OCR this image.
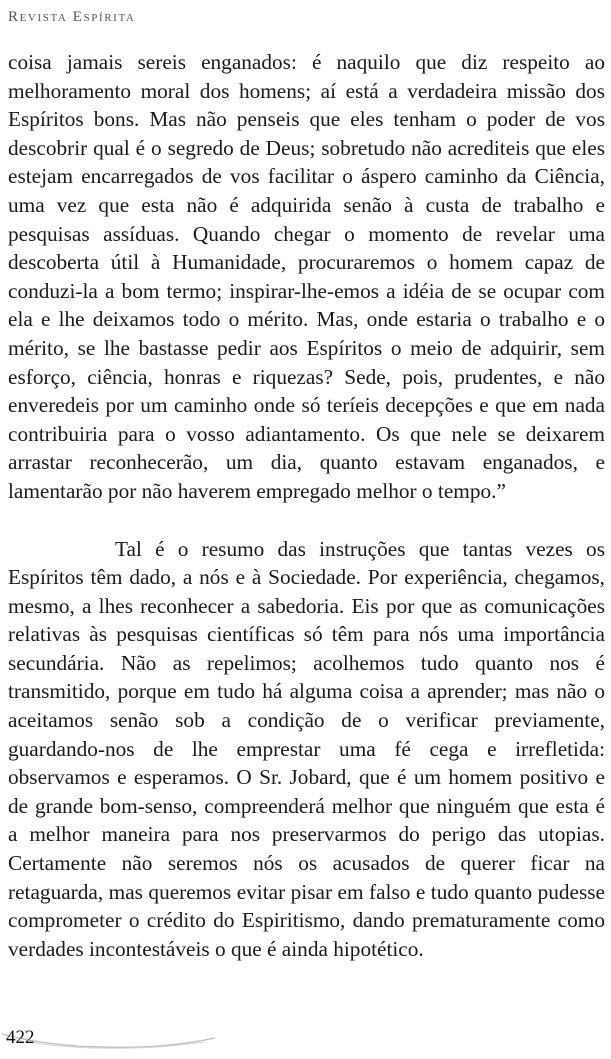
Revista Espírita

coisa jamais sereis enganados: é naquilo que diz respeito ao melhoramento moral dos homens; aí está a verdadeira missão dos Espíritos bons. Mas não penseis que eles tenham o poder de vos descobrir qual é o segredo de Deus; sobretudo não acrediteis que eles estejam encarregados de vos facilitar o áspero caminho da Ciência, uma vez que esta não é adquirida senão à custa de trabalho e pesquisas assíduas. Quando chegar o momento de revelar uma descoberta útil à Humanidade, procuraremos o homem capaz de conduzi-la a bom termo; inspirar-lhe-emos a idéia de se ocupar com ela e lhe deixamos todo o mérito. Mas, onde estaria o trabalho e o mérito, se lhe bastasse pedir aos Espíritos o meio de adquirir, sem esforço, ciência, honras e riquezas? Sede, pois, prudentes, e não enveredeis por um caminho onde só teríeis decepções e que em nada contribuiria para o vosso adiantamento. Os que nele se deixarem arrastar reconhecerão, um dia, quanto estavam enganados, e lamentarão por não haverem empregado melhor o tempo.”

Tal é o resumo das instruções que tantas vezes os Espíritos têm dado, a nós e à Sociedade. Por experiência, chegamos, mesmo, a lhes reconhecer a sabedoria. Eis por que as comunicações relativas às pesquisas científicas só têm para nós uma importância secundária. Não as repelimos; acolhemos tudo quanto nos é transmitido, porque em tudo há alguma coisa a aprender; mas não o aceitamos senão sob a condição de o verificar previamente, guardando-nos de lhe emprestar uma fé cega e irrefletida: observamos e esperamos. O Sr. Jobard, que é um homem positivo e de grande bom-senso, compreenderá melhor que ninguém que esta é a melhor maneira para nos preservarmos do perigo das utopias. Certamente não seremos nós os acusados de querer ficar na retaguarda, mas queremos evitar pisar em falso e tudo quanto pudesse comprometer o crédito do Espiritismo, dando prematuramente como verdades incontestáveis o que é ainda hipotético.

422
